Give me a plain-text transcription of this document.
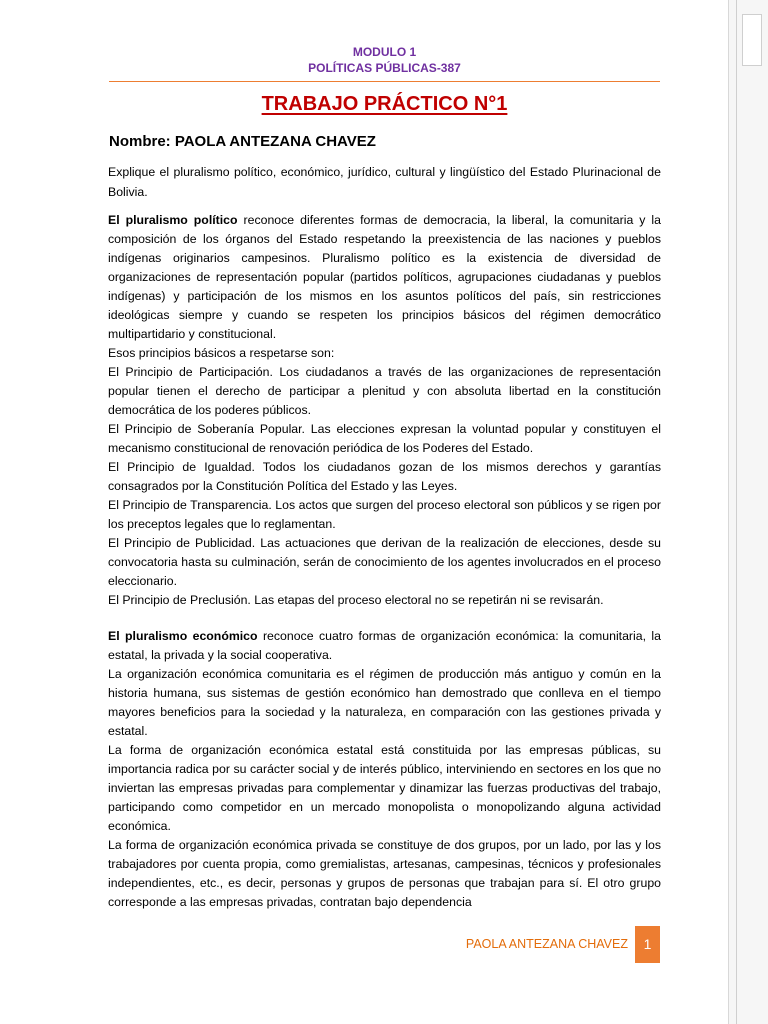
MODULO 1
POLÍTICAS PÚBLICAS-387
TRABAJO PRÁCTICO N°1
Nombre: PAOLA ANTEZANA CHAVEZ

Explique el pluralismo político, económico, jurídico, cultural y lingüístico del Estado Plurinacional de Bolivia.

El pluralismo político reconoce diferentes formas de democracia, la liberal, la comunitaria y la composición de los órganos del Estado respetando la preexistencia de las naciones y pueblos indígenas originarios campesinos. Pluralismo político es la existencia de diversidad de organizaciones de representación popular (partidos políticos, agrupaciones ciudadanas y pueblos indígenas) y participación de los mismos en los asuntos políticos del país, sin restricciones ideológicas siempre y cuando se respeten los principios básicos del régimen democrático multipartidario y constitucional.

Esos principios básicos a respetarse son:

El Principio de Participación. Los ciudadanos a través de las organizaciones de representación popular tienen el derecho de participar a plenitud y con absoluta libertad en la constitución democrática de los poderes públicos.

El Principio de Soberanía Popular. Las elecciones expresan la voluntad popular y constituyen el mecanismo constitucional de renovación periódica de los Poderes del Estado.

El Principio de Igualdad. Todos los ciudadanos gozan de los mismos derechos y garantías consagrados por la Constitución Política del Estado y las Leyes.

El Principio de Transparencia. Los actos que surgen del proceso electoral son públicos y se rigen por los preceptos legales que lo reglamentan.

El Principio de Publicidad. Las actuaciones que derivan de la realización de elecciones, desde su convocatoria hasta su culminación, serán de conocimiento de los agentes involucrados en el proceso eleccionario.

El Principio de Preclusión. Las etapas del proceso electoral no se repetirán ni se revisarán.

El pluralismo económico reconoce cuatro formas de organización económica: la comunitaria, la estatal, la privada y la social cooperativa.

La organización económica comunitaria es el régimen de producción más antiguo y común en la historia humana, sus sistemas de gestión económico han demostrado que conlleva en el tiempo mayores beneficios para la sociedad y la naturaleza, en comparación con las gestiones privada y estatal.

La forma de organización económica estatal está constituida por las empresas públicas, su importancia radica por su carácter social y de interés público, interviniendo en sectores en los que no inviertan las empresas privadas para complementar y dinamizar las fuerzas productivas del trabajo, participando como competidor en un mercado monopolista o monopolizando alguna actividad económica.

La forma de organización económica privada se constituye de dos grupos, por un lado, por las y los trabajadores por cuenta propia, como gremialistas, artesanas, campesinas, técnicos y profesionales independientes, etc., es decir, personas y grupos de personas que trabajan para sí. El otro grupo corresponde a las empresas privadas, contratan bajo dependencia

PAOLA ANTEZANA CHAVEZ	1
